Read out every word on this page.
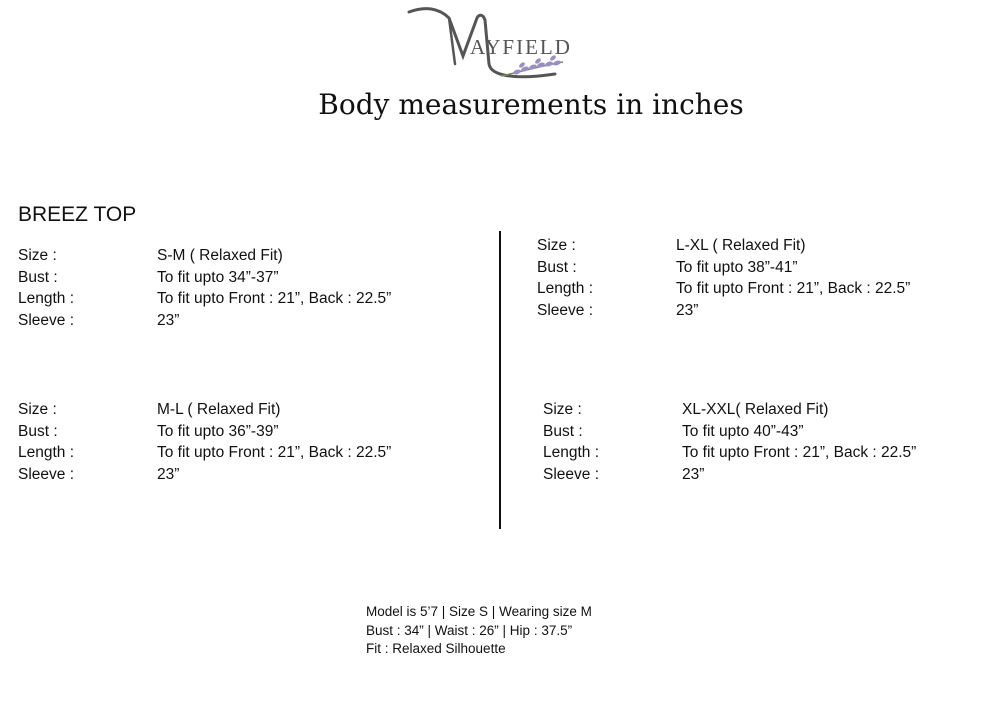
AYFIELD
Body measurements in inches
BREEZ TOP
Size :	S-M ( Relaxed Fit)
Bust :	To fit upto 34”-37”
Length :	To fit upto Front : 21”, Back : 22.5”
Sleeve :	23”
Size :	L-XL ( Relaxed Fit)
Bust :	To fit upto 38”-41”
Length :	To fit upto Front : 21”, Back : 22.5”
Sleeve :	23”
Size :	M-L ( Relaxed Fit)
Bust :	To fit upto 36”-39”
Length :	To fit upto Front : 21”, Back : 22.5”
Sleeve :	23”
Size :	XL-XXL( Relaxed Fit)
Bust :	To fit upto 40”-43”
Length :	To fit upto Front : 21”, Back : 22.5”
Sleeve :	23”
Model is 5’7 | Size S | Wearing size M
Bust : 34” | Waist : 26” | Hip : 37.5”
Fit : Relaxed Silhouette
